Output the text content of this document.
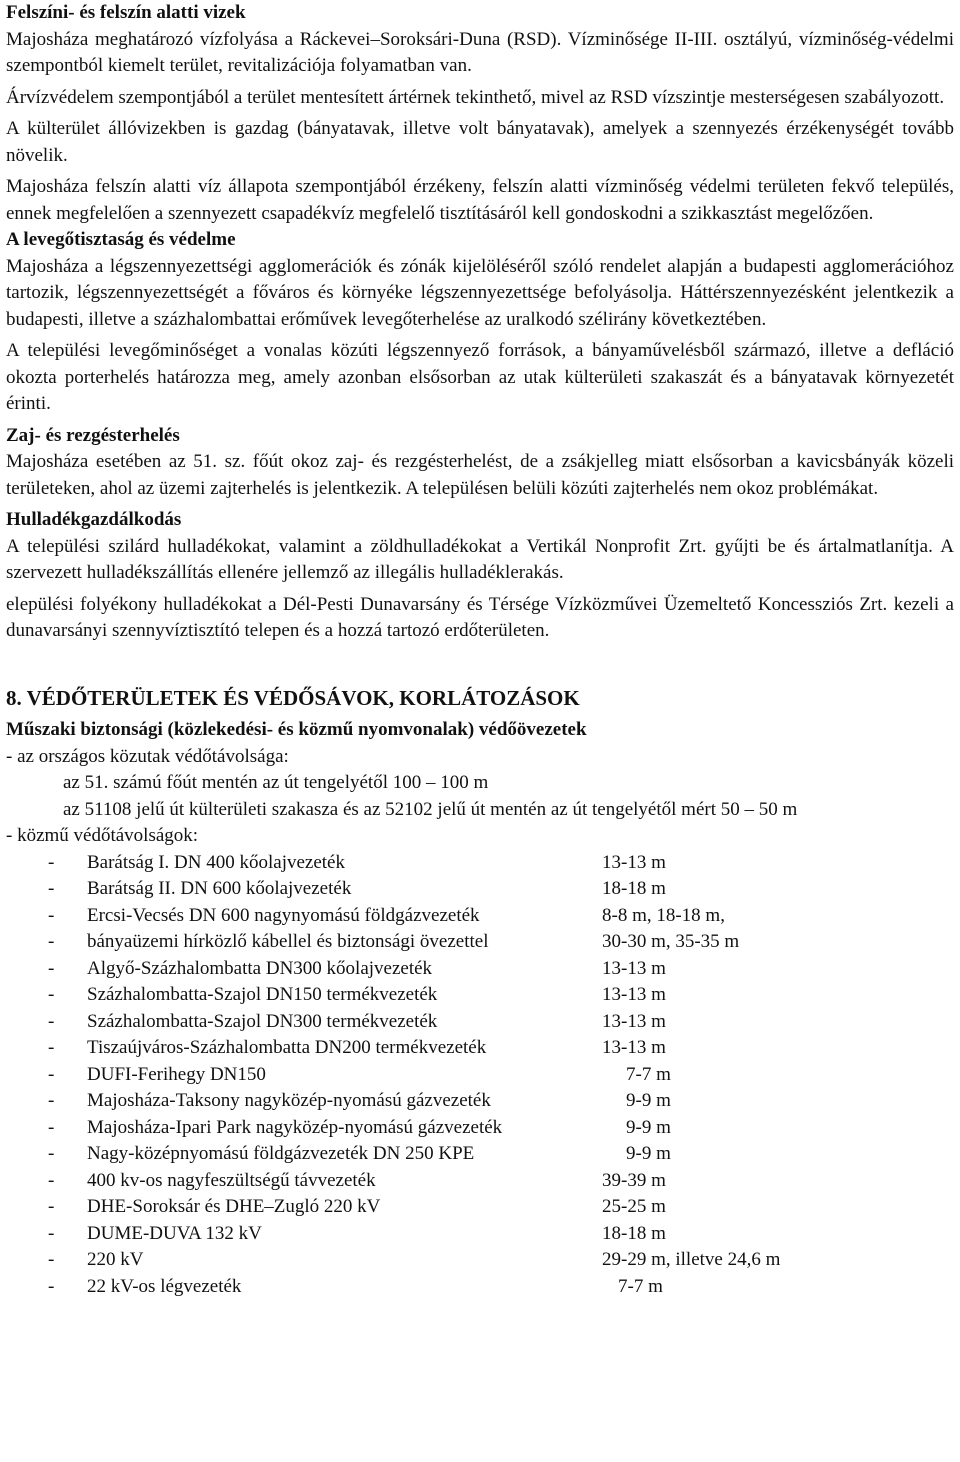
Felszíni- és felszín alatti vizek

Majosháza meghatározó vízfolyása a Ráckevei–Soroksári-Duna (RSD). Vízminősége II-III. osztályú, vízminőség-védelmi szempontból kiemelt terület, revitalizációja folyamatban van.

Árvízvédelem szempontjából a terület mentesített ártérnek tekinthető, mivel az RSD vízszintje mesterségesen szabályozott.

A külterület állóvizekben is gazdag (bányatavak, illetve volt bányatavak), amelyek a szennyezés érzékenységét tovább növelik.

Majosháza felszín alatti víz állapota szempontjából érzékeny, felszín alatti vízminőség védelmi területen fekvő település, ennek megfelelően a szennyezett csapadékvíz megfelelő tisztításáról kell gondoskodni a szikkasztást megelőzően.

A levegőtisztaság és védelme

Majosháza a légszennyezettségi agglomerációk és zónák kijelöléséről szóló rendelet alapján a budapesti agglomerációhoz tartozik, légszennyezettségét a főváros és környéke légszennyezettsége befolyásolja. Háttérszennyezésként jelentkezik a budapesti, illetve a százhalombattai erőművek levegőterhelése az uralkodó szélirány következtében.

A települési levegőminőséget a vonalas közúti légszennyező források, a bányaművelésből származó, illetve a defláció okozta porterhelés határozza meg, amely azonban elsősorban az utak külterületi szakaszát és a bányatavak környezetét érinti.

Zaj- és rezgésterhelés

Majosháza esetében az 51. sz. főút okoz zaj- és rezgésterhelést, de a zsákjelleg miatt elsősorban a kavicsbányák közeli területeken, ahol az üzemi zajterhelés is jelentkezik. A településen belüli közúti zajterhelés nem okoz problémákat.

Hulladékgazdálkodás

A települési szilárd hulladékokat, valamint a zöldhulladékokat a Vertikál Nonprofit Zrt. gyűjti be és ártalmatlanítja. A szervezett hulladékszállítás ellenére jellemző az illegális hulladéklerakás.

elepülési folyékony hulladékokat a Dél-Pesti Dunavarsány és Térsége Vízközművei Üzemeltető Koncessziós Zrt. kezeli a dunavarsányi szennyvíztisztító telepen és a hozzá tartozó erdőterületen.

8. VÉDŐTERÜLETEK ÉS VÉDŐSÁVOK, KORLÁTOZÁSOK

Műszaki biztonsági (közlekedési- és közmű nyomvonalak) védőövezetek

- az országos közutak védőtávolsága:

az 51. számú főút mentén az út tengelyétől 100 – 100 m

az 51108 jelű út külterületi szakasza és az 52102 jelű út mentén az út tengelyétől mért 50 – 50 m

- közmű védőtávolságok:

- Barátság I. DN 400 kőolajvezeték	13-13 m
- Barátság II. DN 600 kőolajvezeték	18-18 m
- Ercsi-Vecsés DN 600 nagynyomású földgázvezeték	8-8 m, 18-18 m,
- bányaüzemi hírközlő kábellel és biztonsági övezettel	30-30 m, 35-35 m
- Algyő-Százhalombatta DN300 kőolajvezeték	13-13 m
- Százhalombatta-Szajol DN150 termékvezeték	13-13 m
- Százhalombatta-Szajol DN300 termékvezeték	13-13 m
- Tiszaújváros-Százhalombatta DN200 termékvezeték	13-13 m
- DUFI-Ferihegy DN150	7-7 m
- Majosháza-Taksony nagyközép-nyomású gázvezeték	9-9 m
- Majosháza-Ipari Park nagyközép-nyomású gázvezeték	9-9 m
- Nagy-középnyomású földgázvezeték DN 250 KPE	9-9 m
- 400 kv-os nagyfeszültségű távvezeték	39-39 m
- DHE-Soroksár és DHE–Zugló 220 kV	25-25 m
- DUME-DUVA 132 kV	18-18 m
- 220 kV	29-29 m, illetve 24,6 m
- 22 kV-os légvezeték	7-7 m
